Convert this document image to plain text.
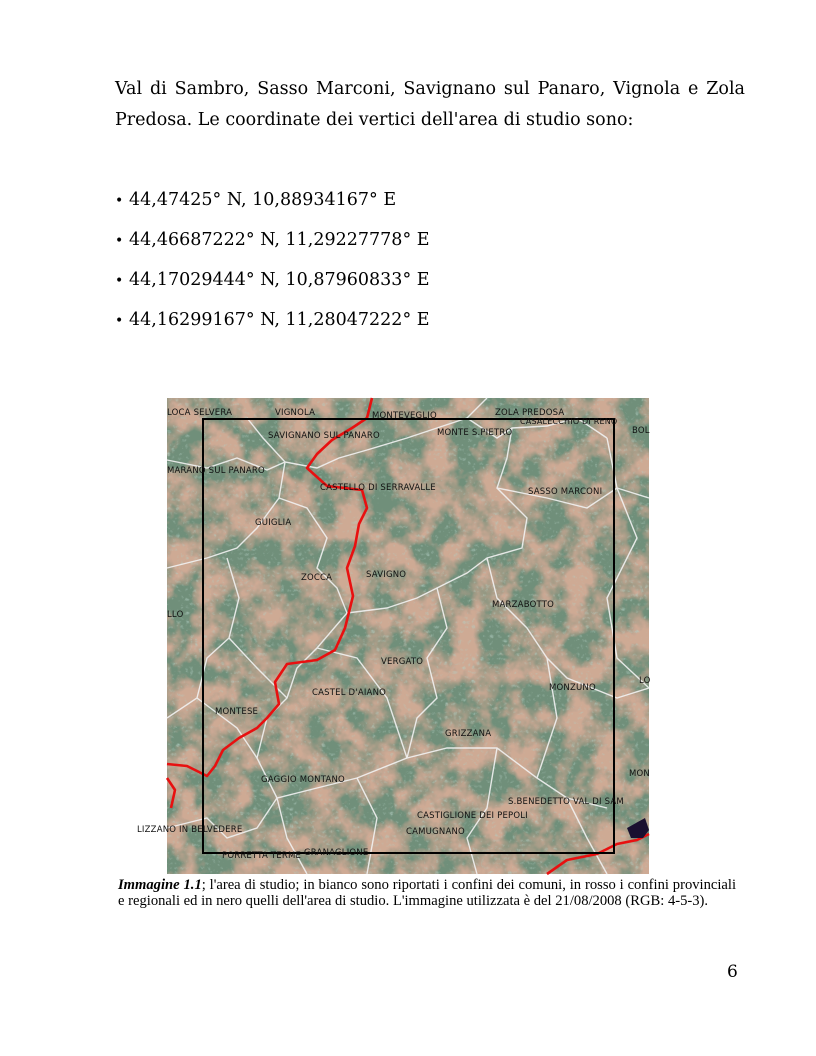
Val di Sambro, Sasso Marconi, Savignano sul Panaro, Vignola e Zola Predosa. Le coordinate dei vertici dell'area di studio sono:

• 44,47425° N, 10,88934167° E
• 44,46687222° N, 11,29227778° E
• 44,17029444° N, 10,87960833° E
• 44,16299167° N, 11,28047222° E
LOCA SELVERA	VIGNOLA	MONTEVEGLIO	ZOLA PREDOSA
CASALECCHIO DI RENO
BOL
SAVIGNANO SUL PANARO	MONTE S.PIETRO
MARANO SUL PANARO
CASTELLO DI SERRAVALLE	SASSO MARCONI
GUIGLIA
ZOCCA	SAVIGNO
MARZABOTTO
LLO
VERGATO
CASTEL D'AIANO	MONZUNO
LO
MONTESE
GRIZZANA
MON
GAGGIO MONTANO
S.BENEDETTO VAL DI SAM
CASTIGLIONE DEI PEPOLI
LIZZANO IN BELVEDERE	CAMUGNANO
PORRETTA TERME GRANAGLIONE

Immagine 1.1; l'area di studio; in bianco sono riportati i confini dei comuni, in rosso i confini provinciali e regionali ed in nero quelli dell'area di studio. L'immagine utilizzata è del 21/08/2008 (RGB: 4-5-3).

6
